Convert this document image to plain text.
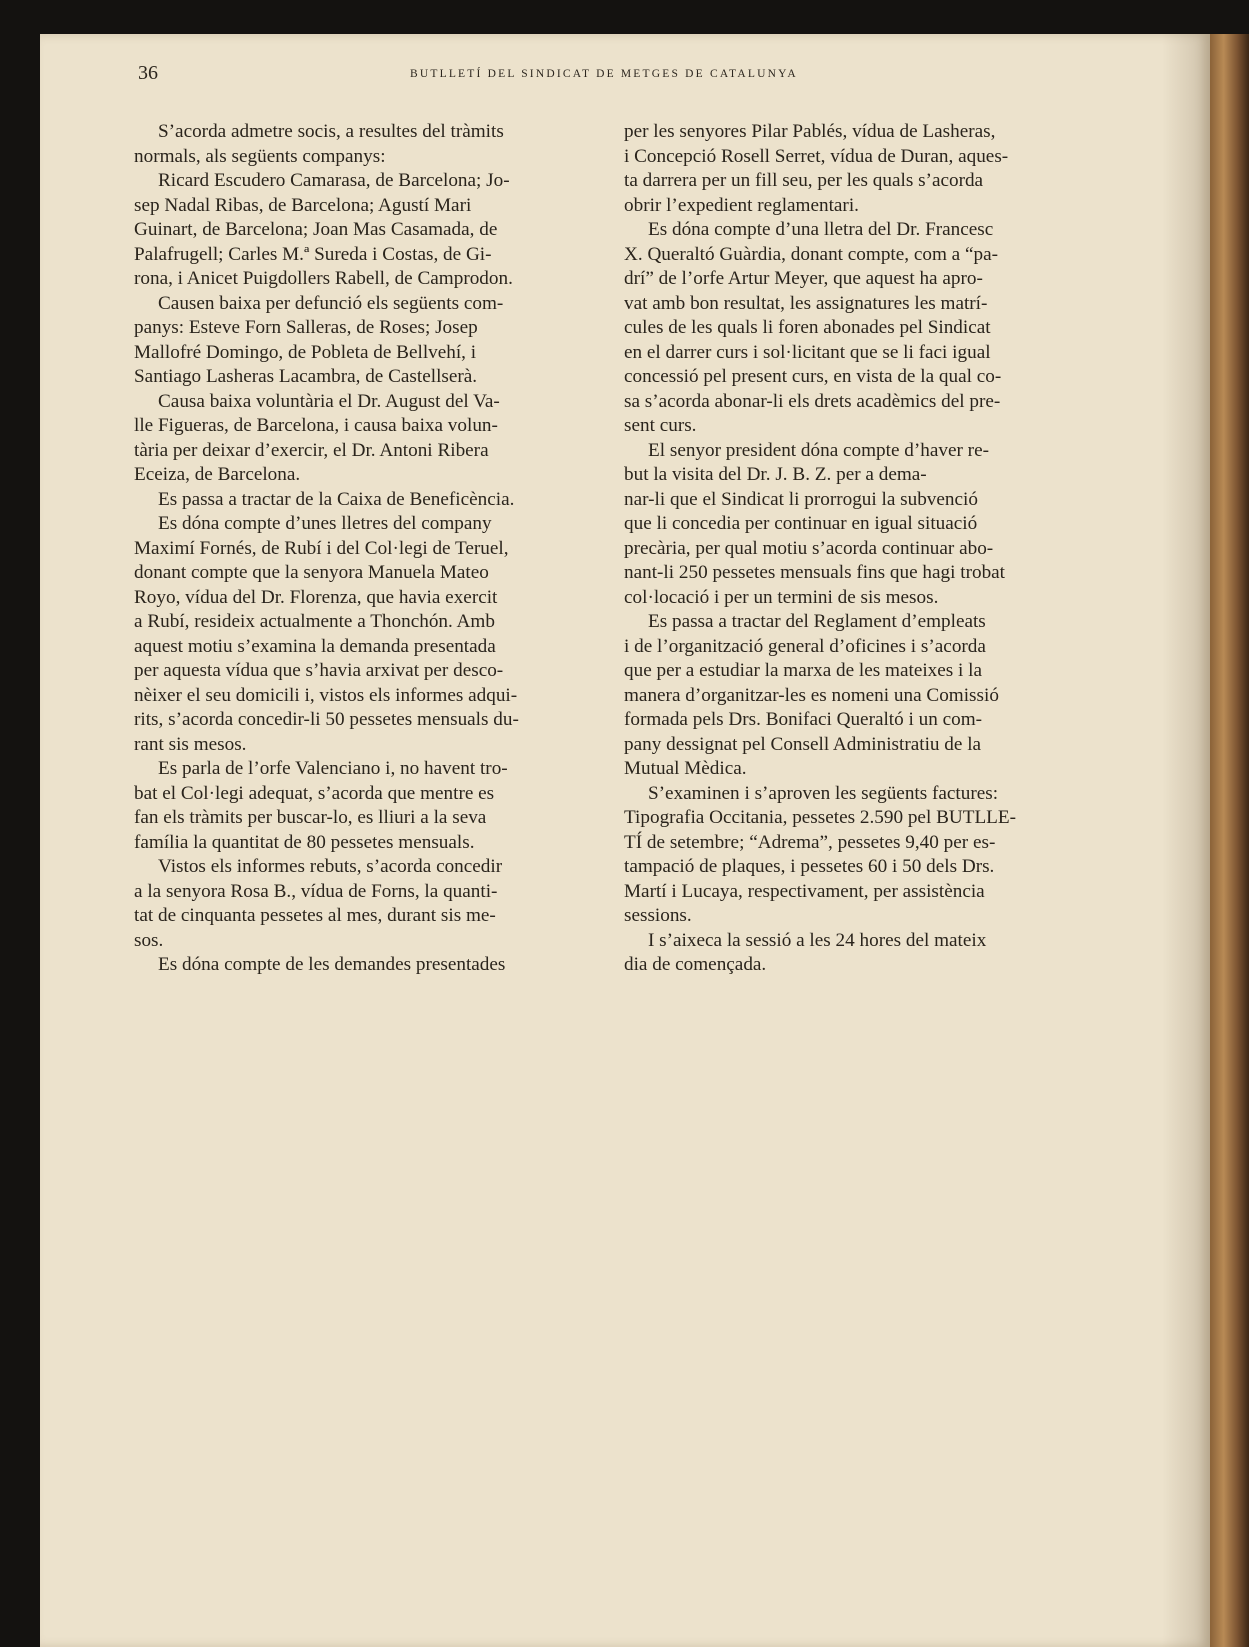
36	BUTLLETÍ DEL SINDICAT DE METGES DE CATALUNYA

S’acorda admetre socis, a resultes del tràmits
normals, als següents companys:

Ricard Escudero Camarasa, de Barcelona; Jo-
sep Nadal Ribas, de Barcelona; Agustí Mari
Guinart, de Barcelona; Joan Mas Casamada, de
Palafrugell; Carles M.ª Sureda i Costas, de Gi-
rona, i Anicet Puigdollers Rabell, de Camprodon.

Causen baixa per defunció els següents com-
panys: Esteve Forn Salleras, de Roses; Josep
Mallofré Domingo, de Pobleta de Bellvehí, i
Santiago Lasheras Lacambra, de Castellserà.

Causa baixa voluntària el Dr. August del Va-
lle Figueras, de Barcelona, i causa baixa volun-
tària per deixar d’exercir, el Dr. Antoni Ribera
Eceiza, de Barcelona.

Es passa a tractar de la Caixa de Beneficència.

Es dóna compte d’unes lletres del company
Maximí Fornés, de Rubí i del Col·legi de Teruel,
donant compte que la senyora Manuela Mateo
Royo, vídua del Dr. Florenza, que havia exercit
a Rubí, resideix actualmente a Thonchón. Amb
aquest motiu s’examina la demanda presentada
per aquesta vídua que s’havia arxivat per desco-
nèixer el seu domicili i, vistos els informes adqui-
rits, s’acorda concedir-li 50 pessetes mensuals du-
rant sis mesos.

Es parla de l’orfe Valenciano i, no havent tro-
bat el Col·legi adequat, s’acorda que mentre es
fan els tràmits per buscar-lo, es lliuri a la seva
família la quantitat de 80 pessetes mensuals.

Vistos els informes rebuts, s’acorda concedir
a la senyora Rosa B., vídua de Forns, la quanti-
tat de cinquanta pessetes al mes, durant sis me-
sos.

Es dóna compte de les demandes presentades

per les senyores Pilar Pablés, vídua de Lasheras,
i Concepció Rosell Serret, vídua de Duran, aques-
ta darrera per un fill seu, per les quals s’acorda
obrir l’expedient reglamentari.

Es dóna compte d’una lletra del Dr. Francesc
X. Queraltó Guàrdia, donant compte, com a “pa-
drí” de l’orfe Artur Meyer, que aquest ha apro-
vat amb bon resultat, les assignatures les matrí-
cules de les quals li foren abonades pel Sindicat
en el darrer curs i sol·licitant que se li faci igual
concessió pel present curs, en vista de la qual co-
sa s’acorda abonar-li els drets acadèmics del pre-
sent curs.

El senyor president dóna compte d’haver re-
but la visita del Dr. J. B. Z. per a dema-
nar-li que el Sindicat li prorrogui la subvenció
que li concedia per continuar en igual situació
precària, per qual motiu s’acorda continuar abo-
nant-li 250 pessetes mensuals fins que hagi trobat
col·locació i per un termini de sis mesos.

Es passa a tractar del Reglament d’empleats
i de l’organització general d’oficines i s’acorda
que per a estudiar la marxa de les mateixes i la
manera d’organitzar-les es nomeni una Comissió
formada pels Drs. Bonifaci Queraltó i un com-
pany dessignat pel Consell Administratiu de la
Mutual Mèdica.

S’examinen i s’aproven les següents factures:
Tipografia Occitania, pessetes 2.590 pel BUTLLE-
TÍ de setembre; “Adrema”, pessetes 9,40 per es-
tampació de plaques, i pessetes 60 i 50 dels Drs.
Martí i Lucaya, respectivament, per assistència
sessions.

I s’aixeca la sessió a les 24 hores del mateix
dia de començada.
